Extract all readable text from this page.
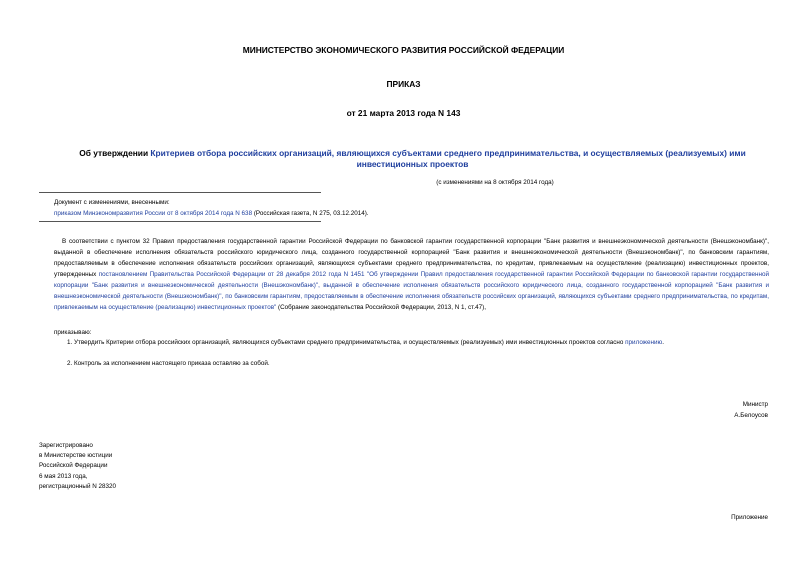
МИНИСТЕРСТВО ЭКОНОМИЧЕСКОГО РАЗВИТИЯ РОССИЙСКОЙ ФЕДЕРАЦИИ
ПРИКАЗ
от 21 марта 2013 года N 143
Об утверждении Критериев отбора российских организаций, являющихся субъектами среднего предпринимательства, и осуществляемых (реализуемых) ими инвестиционных проектов
(с изменениями на 8 октября 2014 года)
Документ с изменениями, внесенными:
приказом Минэкономразвития России от 8 октября 2014 года N 638 (Российская газета, N 275, 03.12.2014).
В соответствии с пунктом 32 Правил предоставления государственной гарантии Российской Федерации по банковской гарантии государственной корпорации "Банк развития и внешнеэкономической деятельности (Внешэкономбанк)", выданной в обеспечение исполнения обязательств российского юридического лица, созданного государственной корпорацией "Банк развития и внешнеэкономической деятельности (Внешэкономбанк)", по банковским гарантиям, предоставляемым в обеспечение исполнения обязательств российских организаций, являющихся субъектами среднего предпринимательства, по кредитам, привлекаемым на осуществление (реализацию) инвестиционных проектов, утвержденных постановлением Правительства Российской Федерации от 28 декабря 2012 года N 1451 "Об утверждении Правил предоставления государственной гарантии Российской Федерации по банковской гарантии государственной корпорации "Банк развития и внешнеэкономической деятельности (Внешэкономбанк)", выданной в обеспечение исполнения обязательств российского юридического лица, созданного государственной корпорацией "Банк развития и внешнеэкономической деятельности (Внешэкономбанк)", по банковским гарантиям, предоставляемым в обеспечение исполнения обязательств российских организаций, являющихся субъектами среднего предпринимательства, по кредитам, привлекаемым на осуществление (реализацию) инвестиционных проектов" (Собрание законодательства Российской Федерации, 2013, N 1, ст.47),
приказываю:
1. Утвердить Критерии отбора российских организаций, являющихся субъектами среднего предпринимательства, и осуществляемых (реализуемых) ими инвестиционных проектов согласно приложению.
2. Контроль за исполнением настоящего приказа оставляю за собой.
Министр
А.Белоусов
Зарегистрировано
в Министерстве юстиции
Российской Федерации
6 мая 2013 года,
регистрационный N 28320
Приложение
